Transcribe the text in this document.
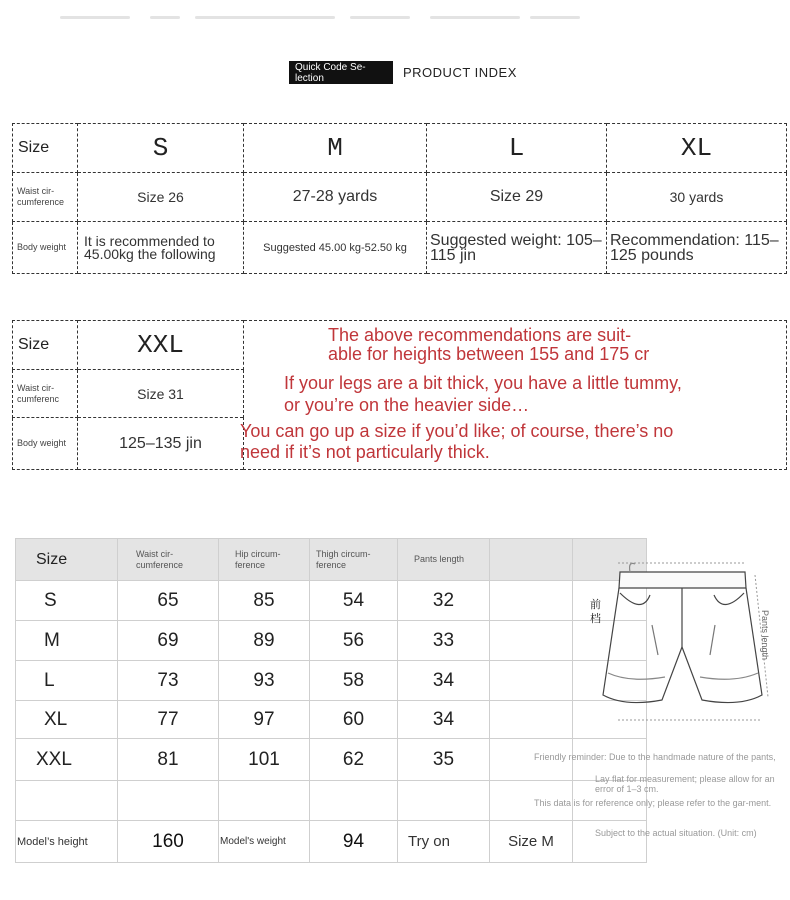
Quick Code Se-lection	PRODUCT INDEX
Size	S	M	L	XL
Waist cir-cumference	Size 26	27-28 yards	Size 29	30 yards
Body weight	It is recommended to 45.00kg the following	Suggested 45.00 kg-52.50 kg	Suggested weight: 105–115 jin	Recommendation: 115–125 pounds
Size	XXL	
Waist cir-cumferenc	Size 31	
Body weight	125–135 jin	
The above recommendations are suit-
able for heights between 155 and 175 cr
If your legs are a bit thick, you have a little tummy,
or you’re on the heavier side…
You can go up a size if you’d like; of course, there’s no
need if it’s not particularly thick.
Size	Waist cir-cumference	Hip circum-ference	Thigh circum-ference	Pants length		
S	65	85	54	32		
M	69	89	56	33		
L	73	93	58	34		
XL	77	97	60	34		
XXL	81	101	62	35		

Model’s height	160	Model's weight	94	Try on	Size M	
前
档	Pants length
Friendly reminder: Due to the handmade nature of the pants,
Lay flat for measurement; please allow for an error of 1–3 cm.
This data is for reference only; please refer to the gar-ment.
Subject to the actual situation. (Unit: cm)
